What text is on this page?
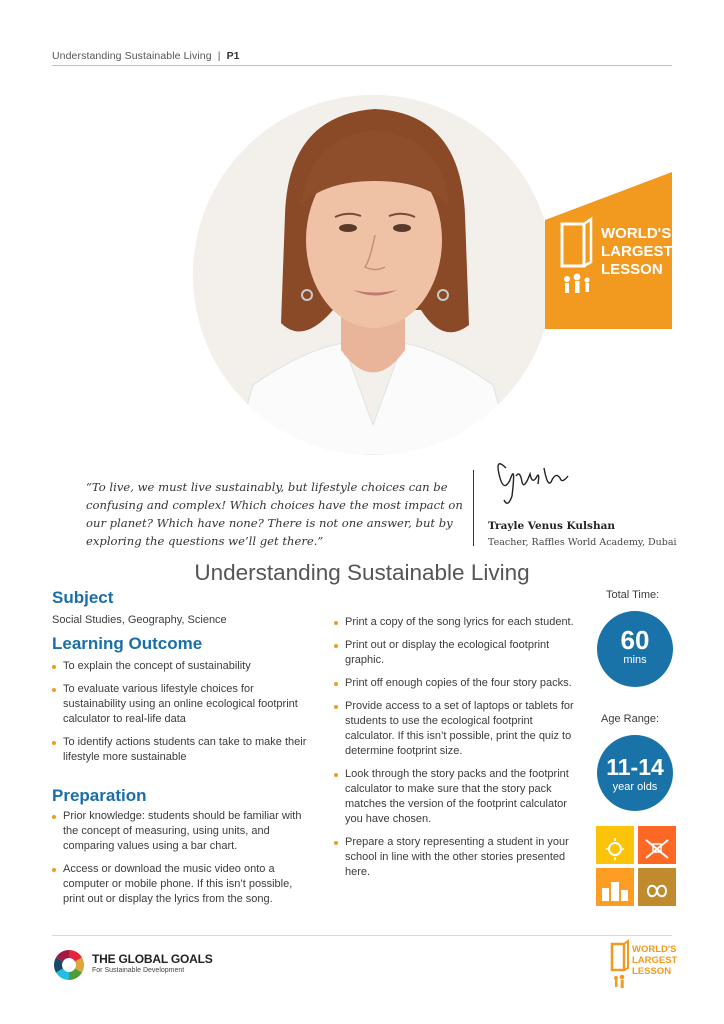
Understanding Sustainable Living | P1
WORLD'S
LARGEST
LESSON
“To live, we must live sustainably, but lifestyle choices can be confusing and complex! Which choices have the most impact on our planet? Which have none? There is not one answer, but by exploring the questions we’ll get there.”
Trayle Venus Kulshan
Teacher, Raffles World Academy, Dubai
Understanding Sustainable Living
Subject
Social Studies, Geography, Science
Learning Outcome
To explain the concept of sustainability
To evaluate various lifestyle choices for sustainability using an online ecological footprint calculator to real-life data
To identify actions students can take to make their lifestyle more sustainable
Preparation
Prior knowledge: students should be familiar with the concept of measuring, using units, and comparing values using a bar chart.
Access or download the music video onto a computer or mobile phone. If this isn’t possible, print out or display the lyrics from the song.
Print a copy of the song lyrics for each student.
Print out or display the ecological footprint graphic.
Print off enough copies of the four story packs.
Provide access to a set of laptops or tablets for students to use the ecological footprint calculator. If this isn’t possible, print the quiz to determine footprint size.
Look through the story packs and the footprint calculator to make sure that the story pack matches the version of the footprint calculator you have chosen.
Prepare a story representing a student in your school in line with the other stories presented here.
Total Time:
60
mins
Age Range:
11-14
year olds
THE GLOBAL GOALS
For Sustainable Development
WORLD'S
LARGEST
LESSON
